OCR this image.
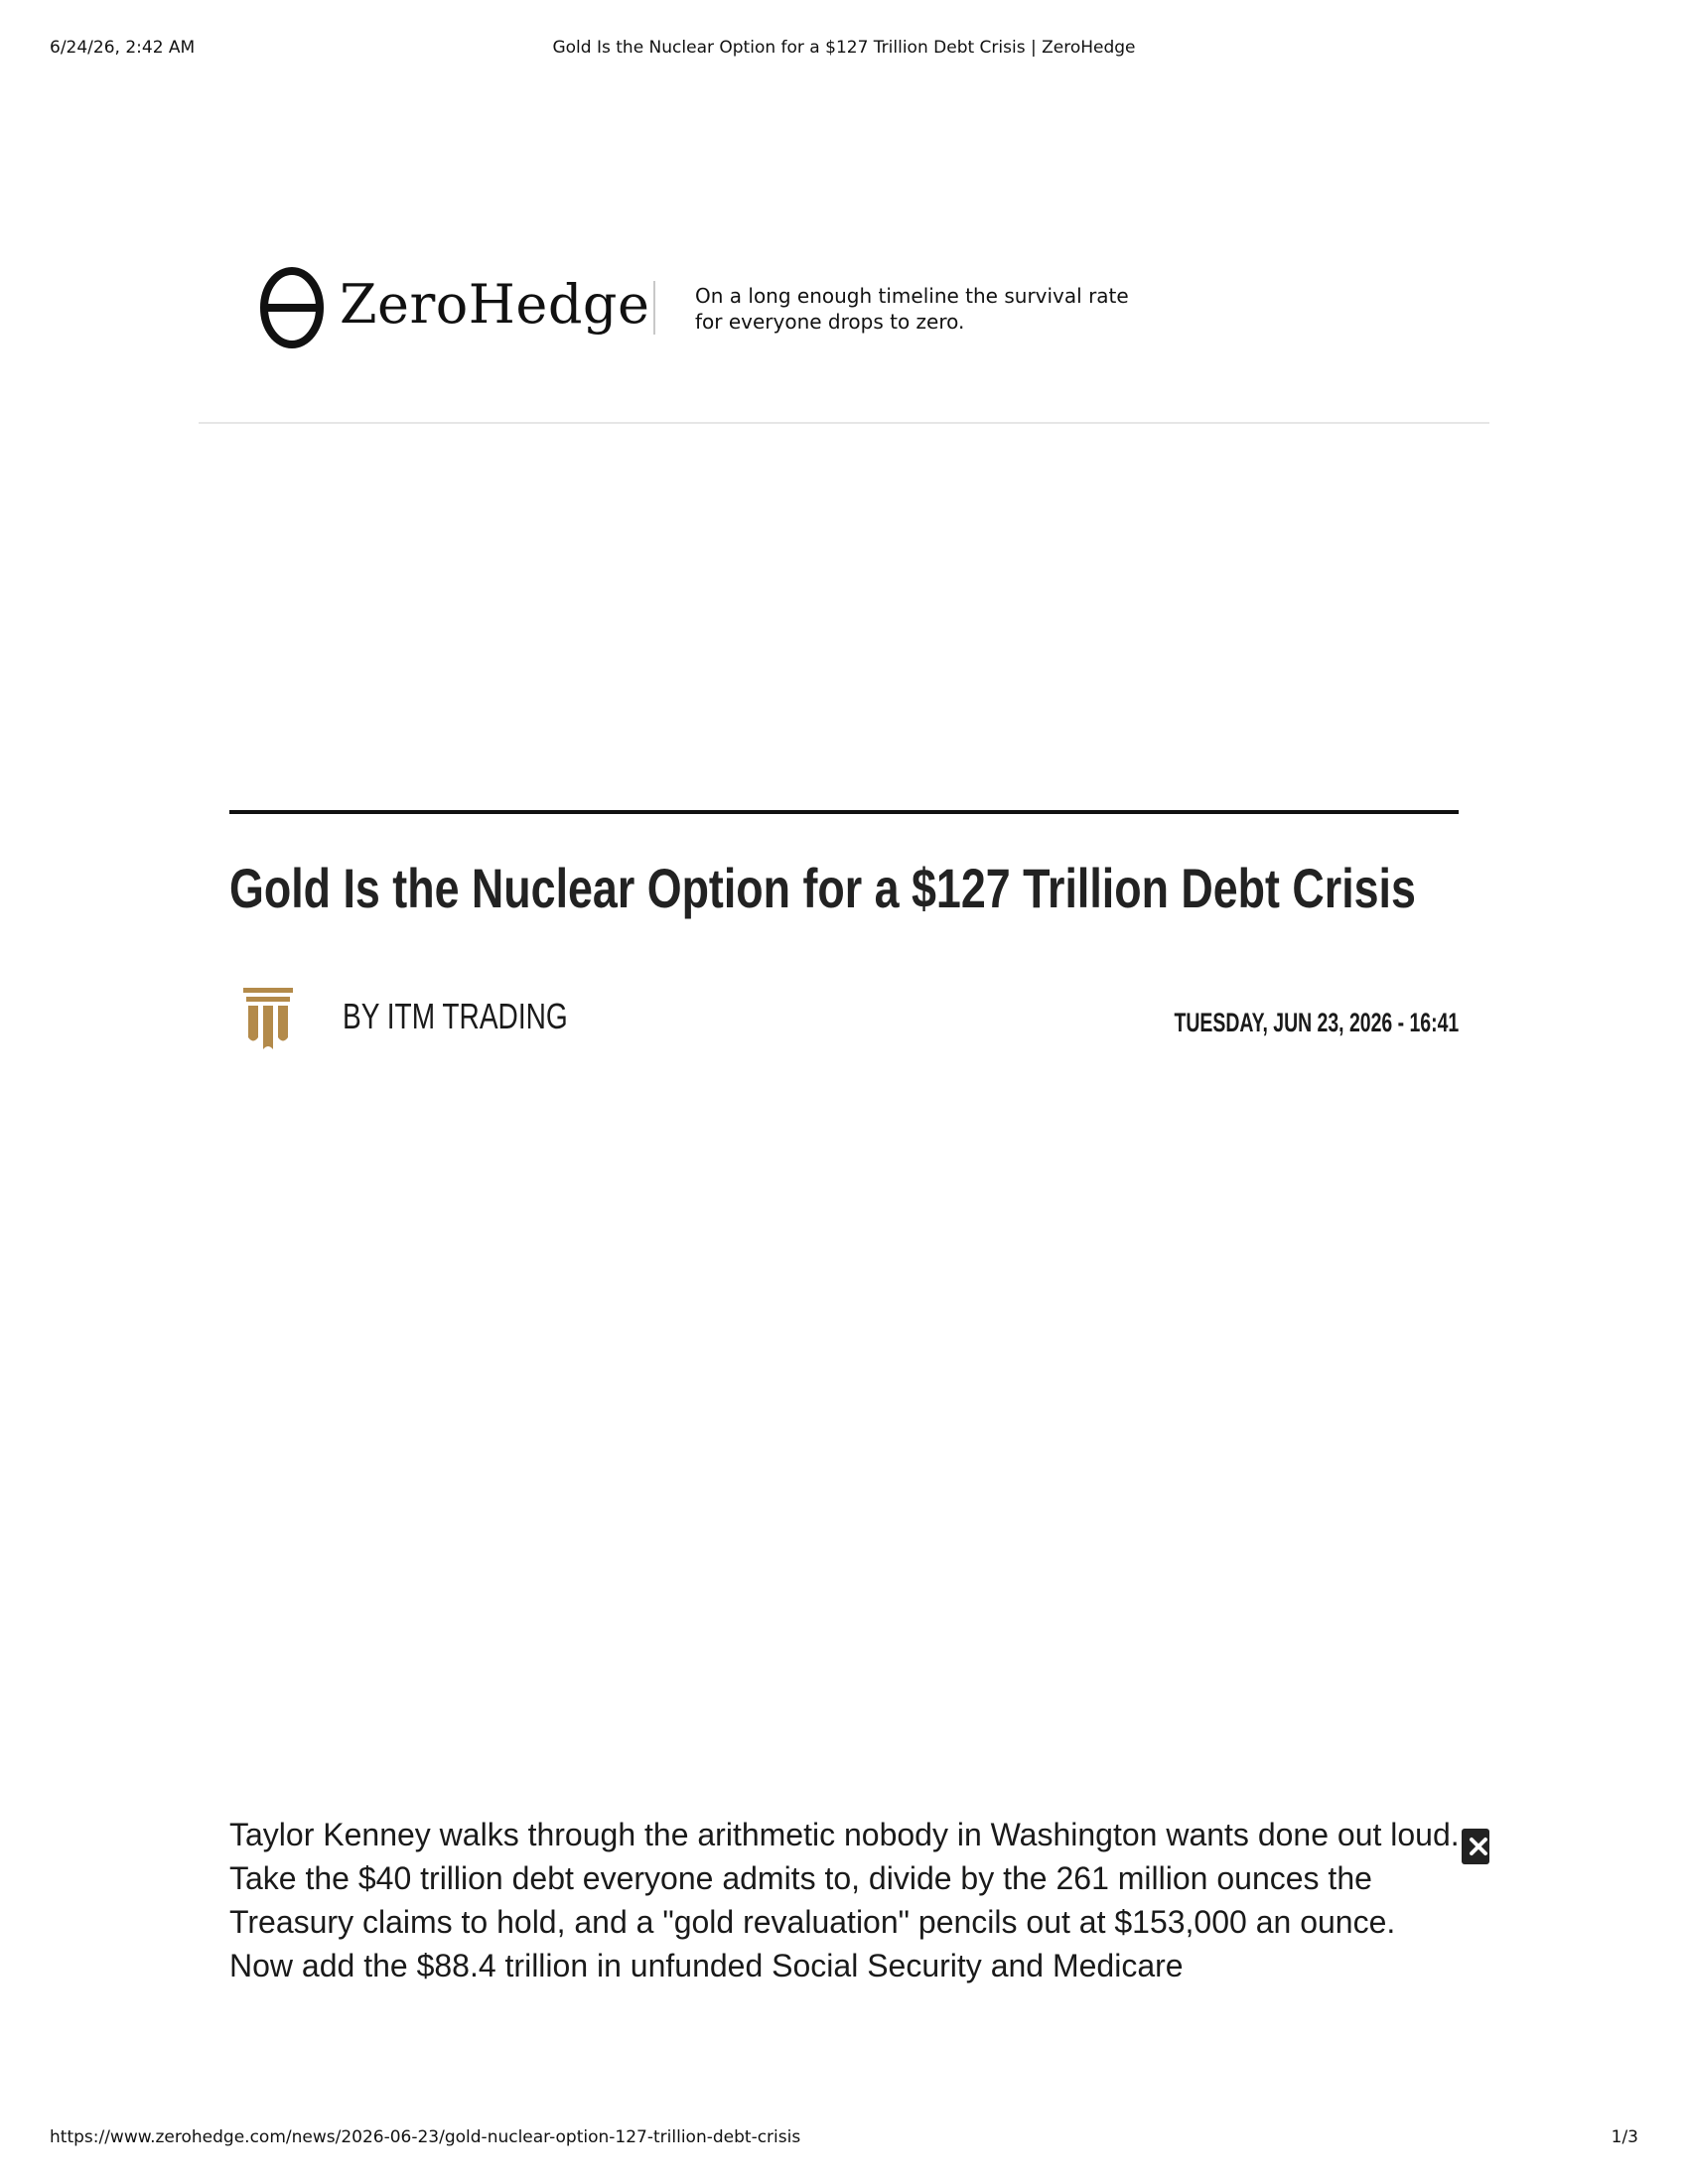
6/24/26, 2:42 AM	Gold Is the Nuclear Option for a $127 Trillion Debt Crisis | ZeroHedge
ZeroHedge On a long enough timeline the survival rate for everyone drops to zero.
Gold Is the Nuclear Option for a $127 Trillion Debt Crisis
BY ITM TRADING	TUESDAY, JUN 23, 2026 - 16:41

Taylor Kenney walks through the arithmetic nobody in Washington wants done out loud. Take the $40 trillion debt everyone admits to, divide by the 261 million ounces the Treasury claims to hold, and a "gold revaluation" pencils out at $153,000 an ounce. Now add the $88.4 trillion in unfunded Social Security and Medicare

https://www.zerohedge.com/news/2026-06-23/gold-nuclear-option-127-trillion-debt-crisis	1/3
